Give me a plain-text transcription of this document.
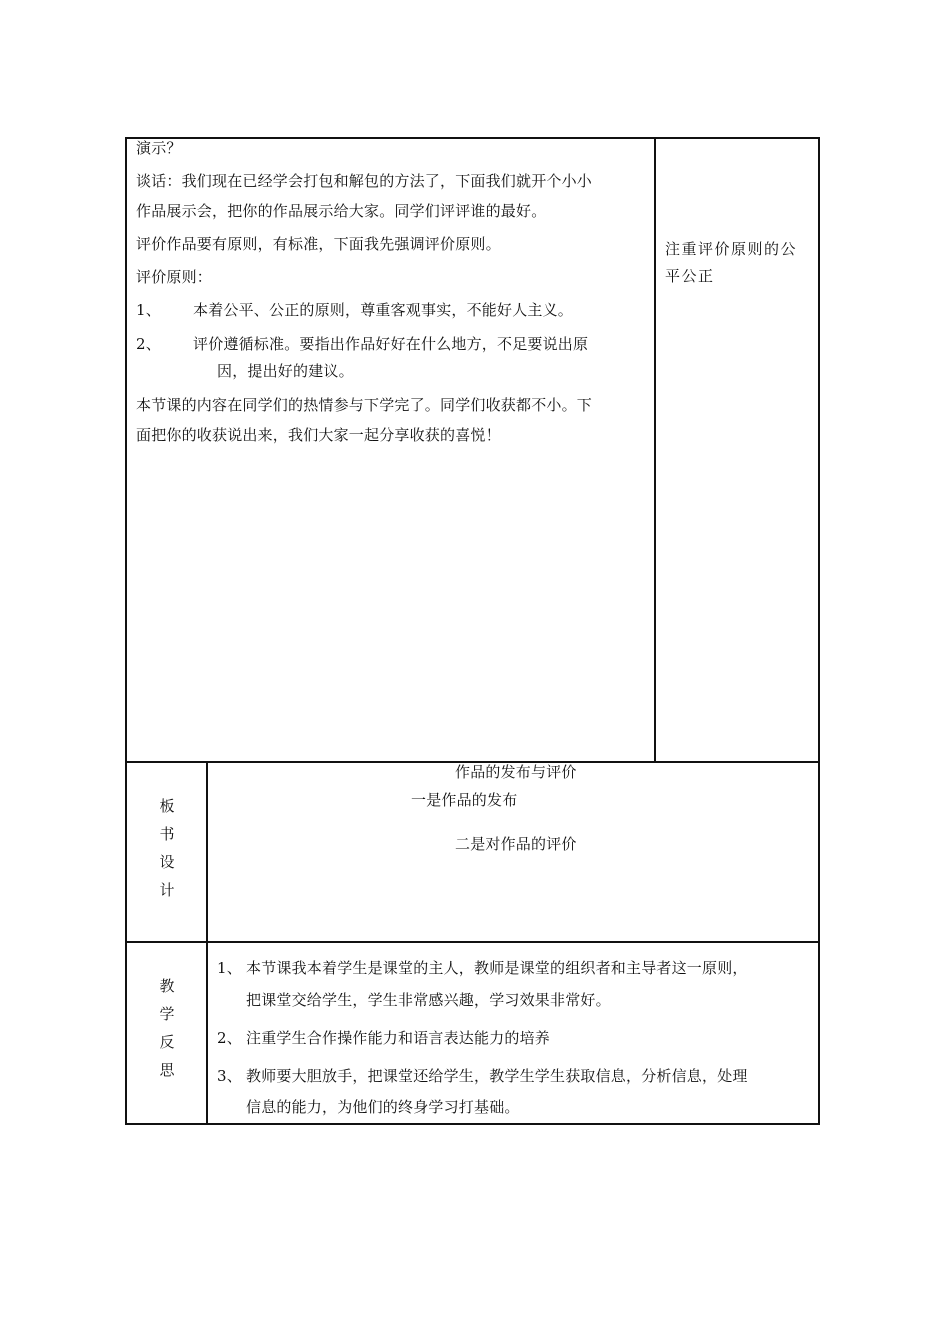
演示？
谈话：我们现在已经学会打包和解包的方法了，下面我们就开个小小
作品展示会，把你的作品展示给大家。同学们评评谁的最好。
评价作品要有原则，有标准，下面我先强调评价原则。
评价原则：
1、 本着公平、公正的原则，尊重客观事实，不能好人主义。
2、 评价遵循标准。要指出作品好好在什么地方，不足要说出原
因，提出好的建议。
本节课的内容在同学们的热情参与下学完了。同学们收获都不小。下
面把你的收获说出来，我们大家一起分享收获的喜悦！
注重评价原则的公
平公正
板
书
设
计
作品的发布与评价
一是作品的发布
二是对作品的评价
教
学
反
思
1、 本节课我本着学生是课堂的主人，教师是课堂的组织者和主导者这一原则，
把课堂交给学生，学生非常感兴趣，学习效果非常好。
2、 注重学生合作操作能力和语言表达能力的培养
3、 教师要大胆放手，把课堂还给学生，教学生学生获取信息，分析信息，处理
信息的能力，为他们的终身学习打基础。
